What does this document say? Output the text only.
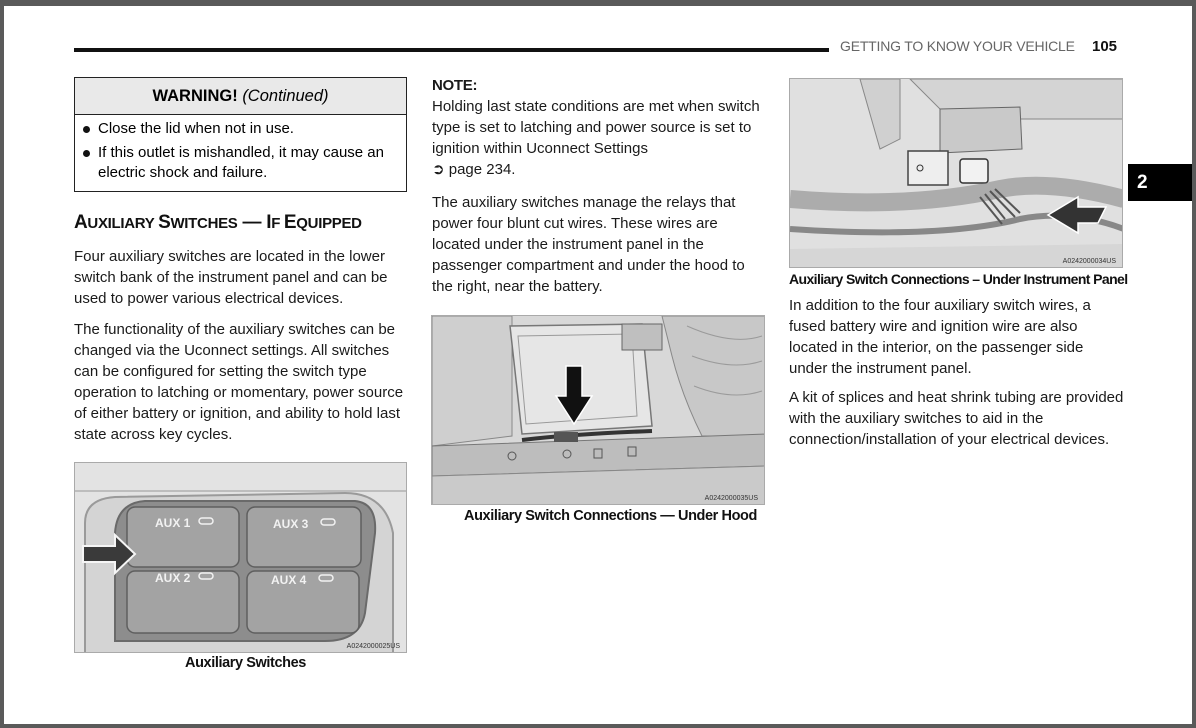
GETTING TO KNOW YOUR VEHICLE 105
2
WARNING! (Continued)
Close the lid when not in use.
If this outlet is mishandled, it may cause an electric shock and failure.
AUXILIARY SWITCHES — IF EQUIPPED

Four auxiliary switches are located in the lower switch bank of the instrument panel and can be used to power various electrical devices.

The functionality of the auxiliary switches can be changed via the Uconnect settings. All switches can be configured for setting the switch type operation to latching or momentary, power source of either battery or ignition, and ability to hold last state across key cycles.

AUX 1	AUX 3
AUX 2	AUX 4
A0242000025US
Auxiliary Switches

NOTE:

Holding last state conditions are met when switch type is set to latching and power source is set to ignition within Uconnect Settings

➲ page 234.

The auxiliary switches manage the relays that power four blunt cut wires. These wires are located under the instrument panel in the passenger compartment and under the hood to the right, near the battery.

A0242000035US
Auxiliary Switch Connections — Under Hood
A0242000034US
Auxiliary Switch Connections – Under Instrument Panel

In addition to the four auxiliary switch wires, a fused battery wire and ignition wire are also located in the interior, on the passenger side under the instrument panel.

A kit of splices and heat shrink tubing are provided with the auxiliary switches to aid in the connection/installation of your electrical devices.
